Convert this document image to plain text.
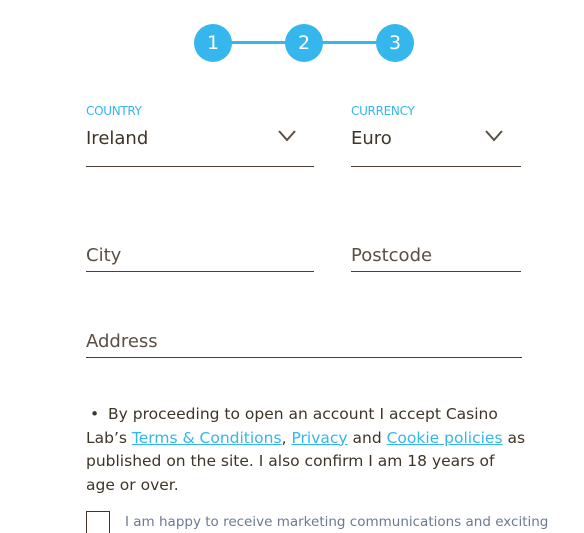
1	2	3
COUNTRY
Ireland
CURRENCY
Euro
City
Postcode
Address
• By proceeding to open an account I accept Casino Lab’s Terms & Conditions, Privacy and Cookie policies as published on the site. I also confirm I am 18 years of age or over.
I am happy to receive marketing communications and exciting
